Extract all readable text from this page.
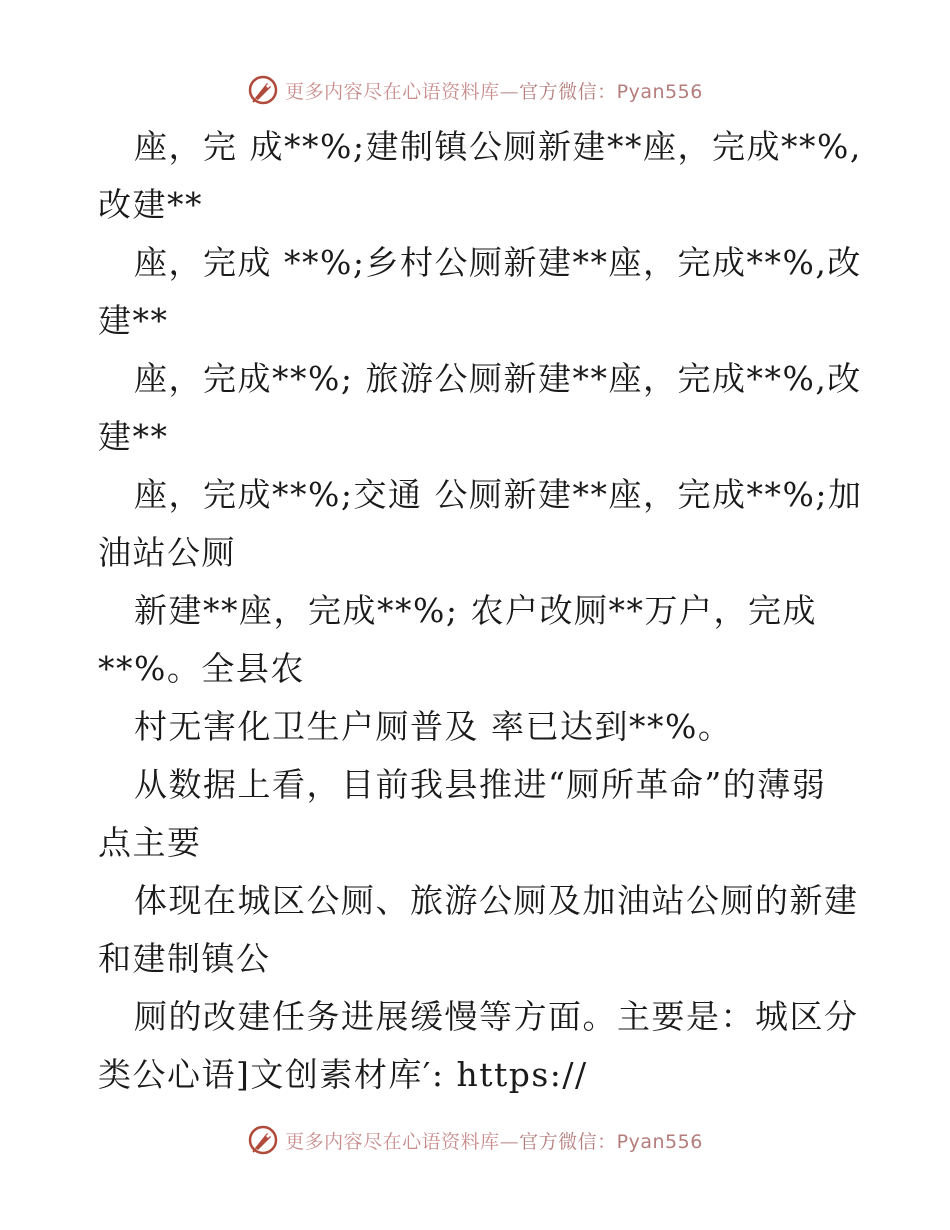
更多内容尽在心语资料库—官方微信：Pyan556
座，完 成**%;建制镇公厕新建**座，完成**%,
改建**
座，完成 **%;乡村公厕新建**座，完成**%,改
建**
座，完成**%; 旅游公厕新建**座，完成**%,改
建**
座，完成**%;交通 公厕新建**座，完成**%;加
油站公厕
新建**座，完成**%; 农户改厕**万户，完成
**%。全县农
村无害化卫生户厕普及 率已达到**%。
从数据上看，目前我县推进“厕所革命”的薄弱
点主要
体现在城区公厕、旅游公厕及加油站公厕的新建
和建制镇公
厕的改建任务进展缓慢等方面。主要是：城区分
类公心语]文创素材库′: https://
更多内容尽在心语资料库—官方微信：Pyan556
